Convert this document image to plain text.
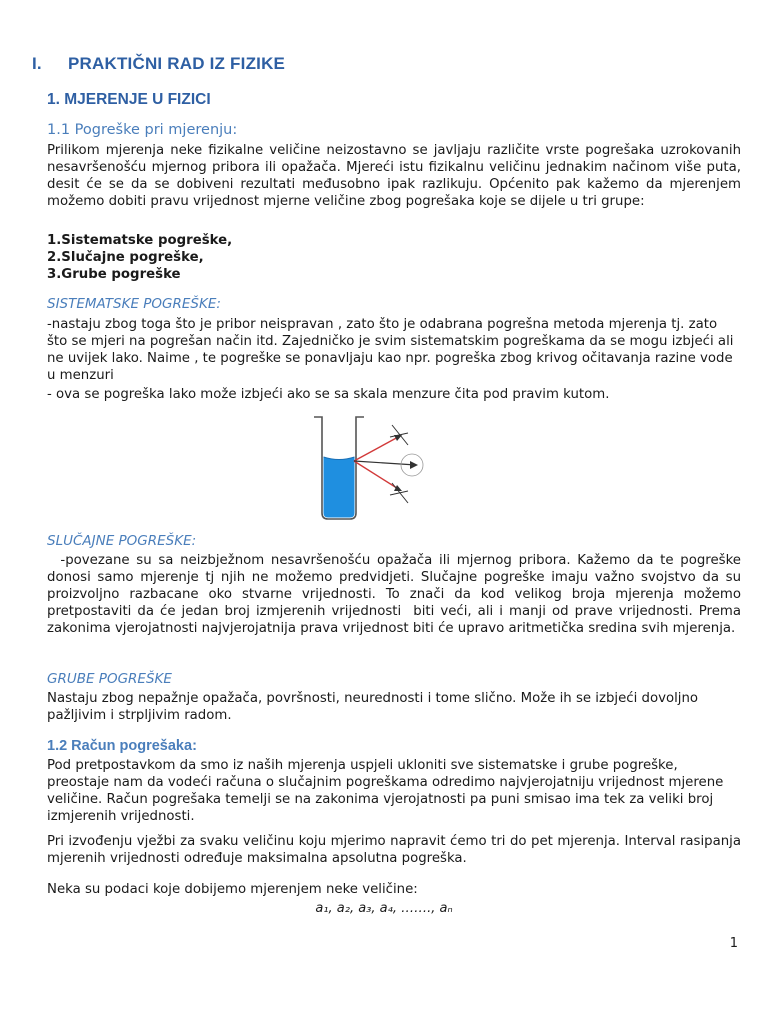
I. PRAKTIČNI RAD IZ FIZIKE
1. MJERENJE U FIZICI

1.1 Pogreške pri mjerenju:

Prilikom mjerenja neke fizikalne veličine neizostavno se javljaju različite vrste pogrešaka uzrokovanih nesavršenošću mjernog pribora ili opažača. Mjereći istu fizikalnu veličinu jednakim načinom više puta, desit će se da se dobiveni rezultati međusobno ipak razlikuju. Općenito pak kažemo da mjerenjem možemo dobiti pravu vrijednost mjerne veličine zbog pogrešaka koje se dijele u tri grupe:

1.Sistematske pogreške,
2.Slučajne pogreške,
3.Grube pogreške

SISTEMATSKE POGREŠKE:

-nastaju zbog toga što je pribor neispravan , zato što je odabrana pogrešna metoda mjerenja tj. zato što se mjeri na pogrešan način itd. Zajedničko je svim sistematskim pogreškama da se mogu izbjeći ali ne uvijek lako. Naime , te pogreške se ponavljaju kao npr. pogreška zbog krivog očitavanja razine vode u menzuri

- ova se pogreška lako može izbjeći ako se sa skala menzure čita pod pravim kutom.

SLUČAJNE POGREŠKE:

-povezane su sa neizbježnom nesavršenošću opažača ili mjernog pribora. Kažemo da te pogreške donosi samo mjerenje tj njih ne možemo predvidjeti. Slučajne pogreške imaju važno svojstvo da su proizvoljno razbacane oko stvarne vrijednosti. To znači da kod velikog broja mjerenja možemo pretpostaviti da će jedan broj izmjerenih vrijednosti  biti veći, ali i manji od prave vrijednosti. Prema zakonima vjerojatnosti najvjerojatnija prava vrijednost biti će upravo aritmetička sredina svih mjerenja.

GRUBE POGREŠKE

Nastaju zbog nepažnje opažača, površnosti, neurednosti i tome slično. Može ih se izbjeći dovoljno pažljivim i strpljivim radom.

1.2 Račun pogrešaka:

Pod pretpostavkom da smo iz naših mjerenja uspjeli ukloniti sve sistematske i grube pogreške, preostaje nam da vodeći računa o slučajnim pogreškama odredimo najvjerojatniju vrijednost mjerene veličine. Račun pogrešaka temelji se na zakonima vjerojatnosti pa puni smisao ima tek za veliki broj izmjerenih vrijednosti.

Pri izvođenju vježbi za svaku veličinu koju mjerimo napravit ćemo tri do pet mjerenja. Interval rasipanja mjerenih vrijednosti određuje maksimalna apsolutna pogreška.

Neka su podaci koje dobijemo mjerenjem neke veličine:

a₁, a₂, a₃, a₄, ……., aₙ
1
